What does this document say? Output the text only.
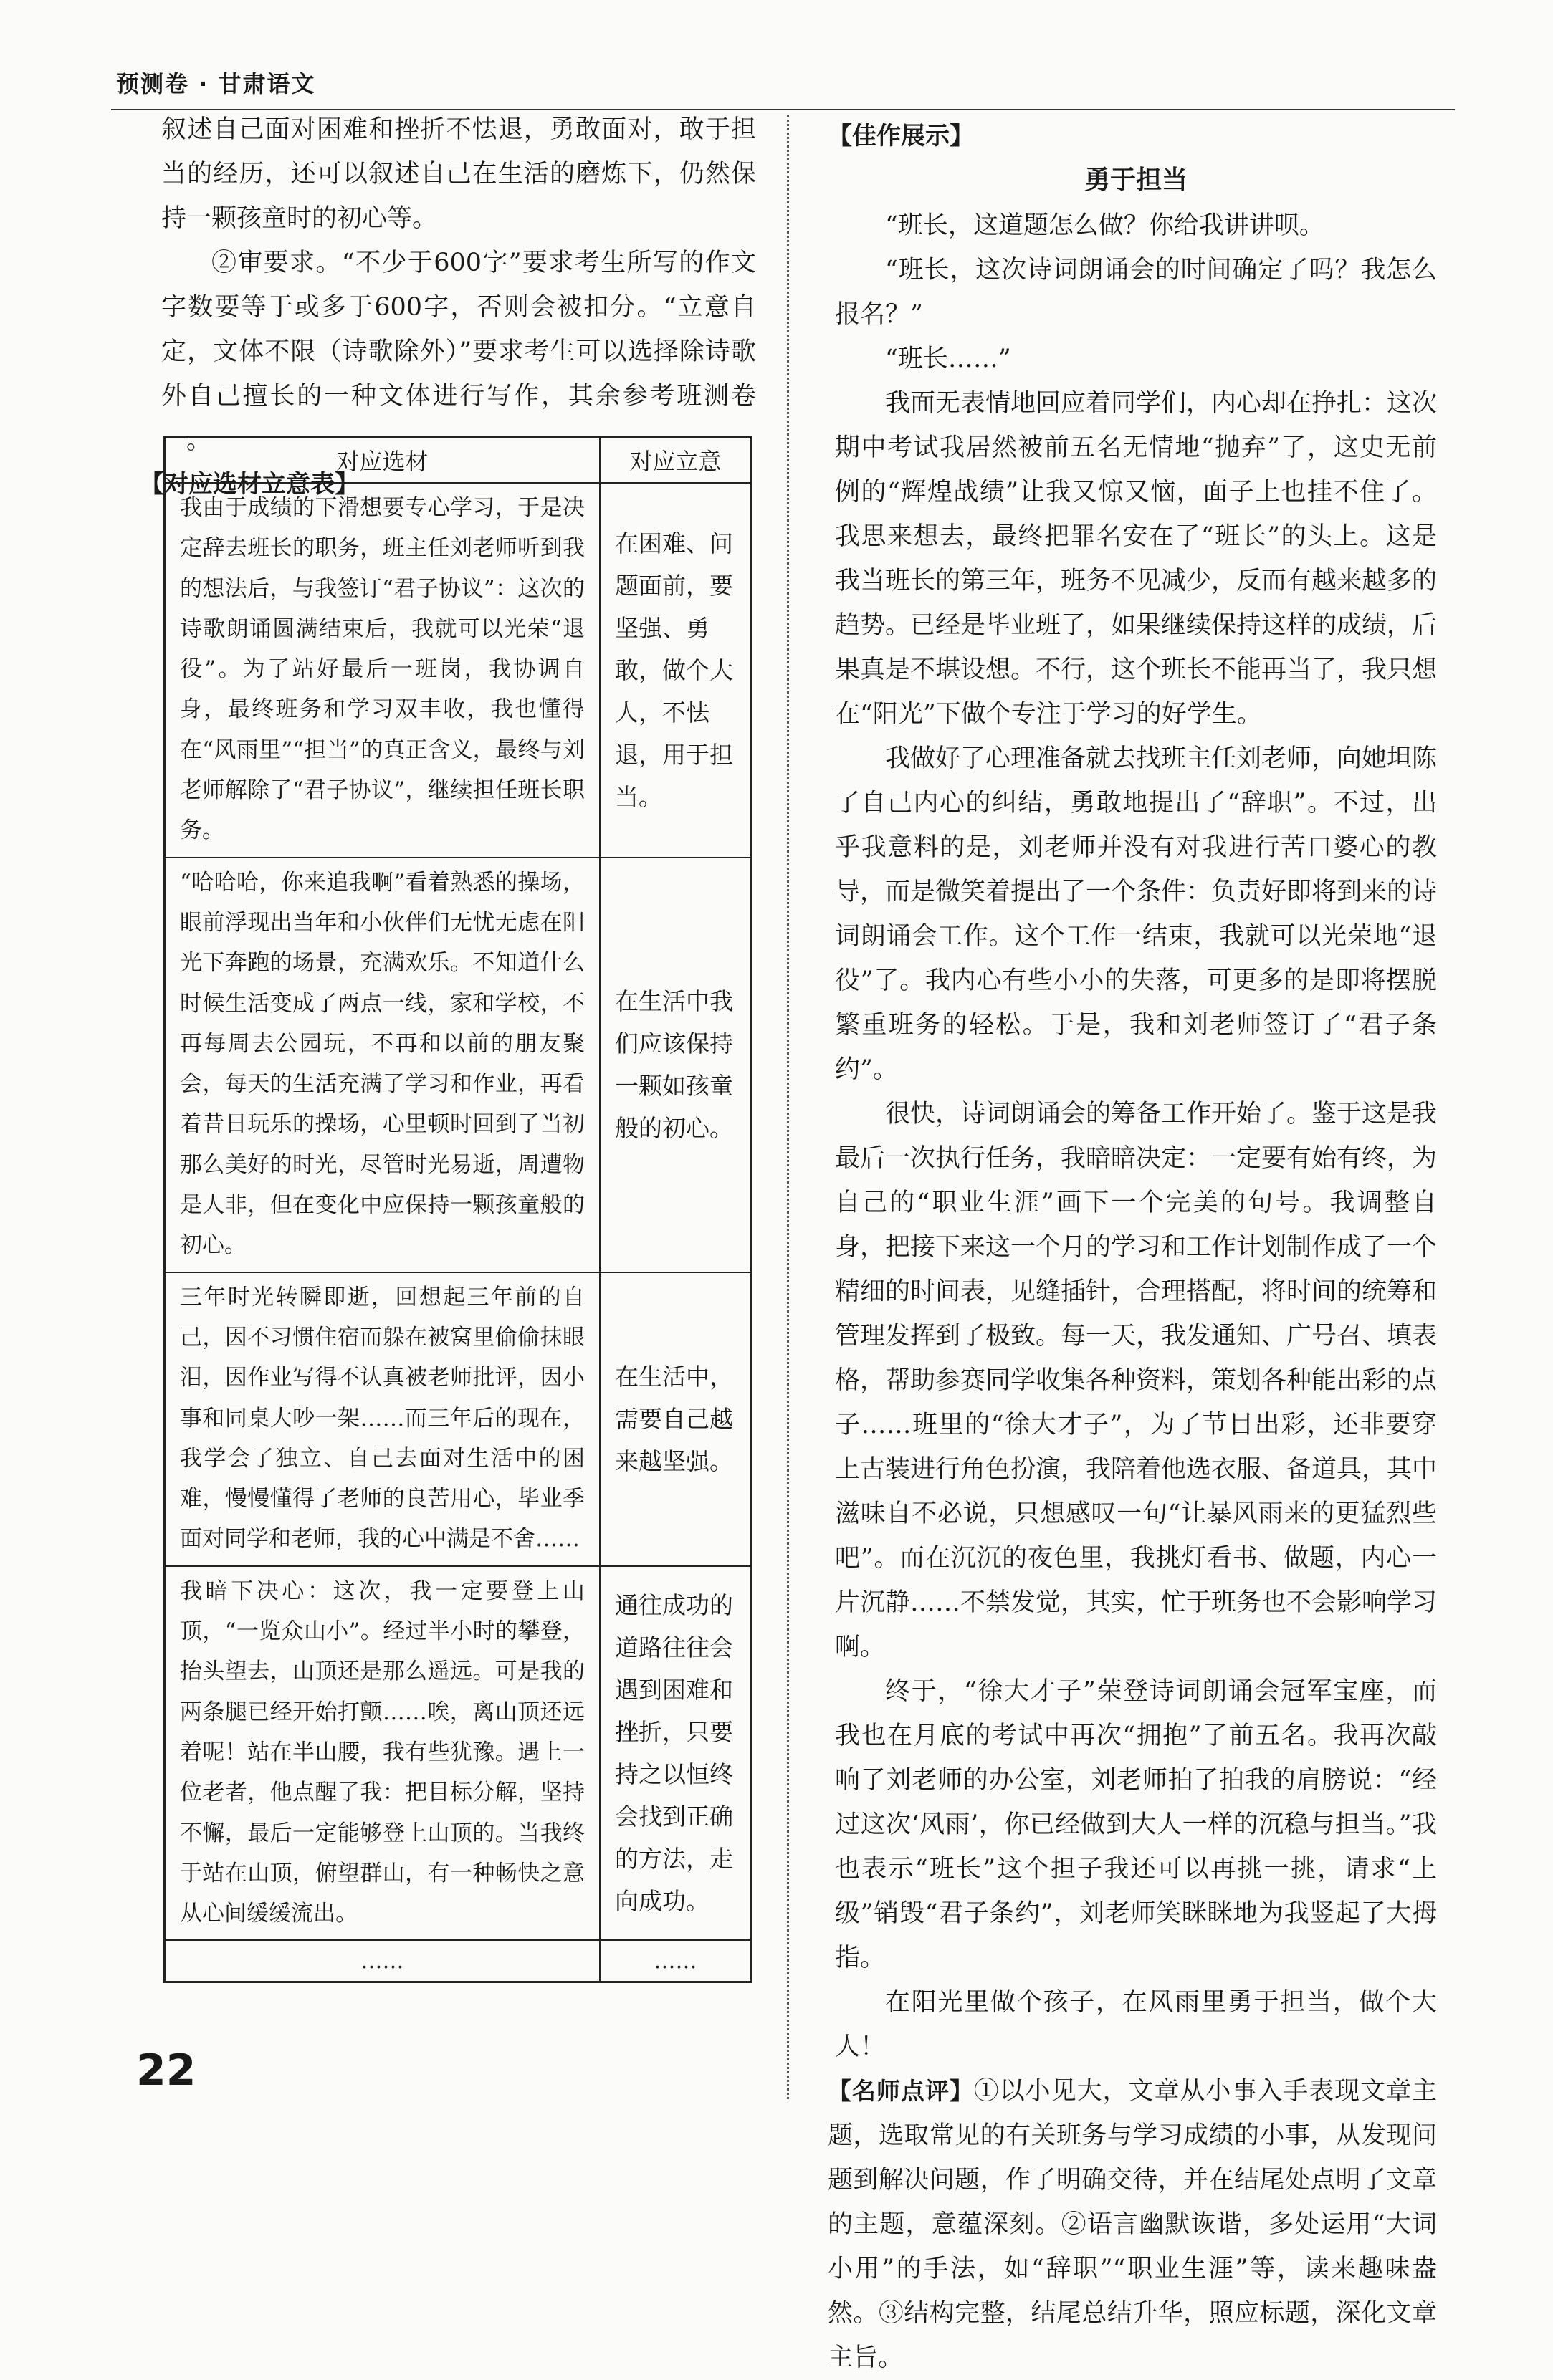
预测卷 · 甘肃语文

叙述自己面对困难和挫折不怯退，勇敢面对，敢于担当的经历，还可以叙述自己在生活的磨炼下，仍然保持一颗孩童时的初心等。

②审要求。“不少于600字”要求考生所写的作文字数要等于或多于600字，否则会被扣分。“立意自定，文体不限（诗歌除外）”要求考生可以选择除诗歌外自己擅长的一种文体进行写作，其余参考班测卷一。

【对应选材立意表】

对应选材	对应立意
我由于成绩的下滑想要专心学习，于是决定辞去班长的职务，班主任刘老师听到我的想法后，与我签订“君子协议”：这次的诗歌朗诵圆满结束后，我就可以光荣“退役”。为了站好最后一班岗，我协调自身，最终班务和学习双丰收，我也懂得在“风雨里”“担当”的真正含义，最终与刘老师解除了“君子协议”，继续担任班长职务。	在困难、问题面前，要坚强、勇敢，做个大人，不怯退，用于担当。
“哈哈哈，你来追我啊”看着熟悉的操场，眼前浮现出当年和小伙伴们无忧无虑在阳光下奔跑的场景，充满欢乐。不知道什么时候生活变成了两点一线，家和学校，不再每周去公园玩，不再和以前的朋友聚会，每天的生活充满了学习和作业，再看着昔日玩乐的操场，心里顿时回到了当初那么美好的时光，尽管时光易逝，周遭物是人非，但在变化中应保持一颗孩童般的初心。	在生活中我们应该保持一颗如孩童般的初心。
三年时光转瞬即逝，回想起三年前的自己，因不习惯住宿而躲在被窝里偷偷抹眼泪，因作业写得不认真被老师批评，因小事和同桌大吵一架……而三年后的现在，我学会了独立、自己去面对生活中的困难，慢慢懂得了老师的良苦用心，毕业季面对同学和老师，我的心中满是不舍……	在生活中，需要自己越来越坚强。
我暗下决心：这次，我一定要登上山顶，“一览众山小”。经过半小时的攀登，抬头望去，山顶还是那么遥远。可是我的两条腿已经开始打颤……唉，离山顶还远着呢！站在半山腰，我有些犹豫。遇上一位老者，他点醒了我：把目标分解，坚持不懈，最后一定能够登上山顶的。当我终于站在山顶，俯望群山，有一种畅快之意从心间缓缓流出。	通往成功的道路往往会遇到困难和挫折，只要持之以恒终会找到正确的方法，走向成功。
……	……

【佳作展示】

勇于担当

“班长，这道题怎么做？你给我讲讲呗。

“班长，这次诗词朗诵会的时间确定了吗？我怎么报名？”

“班长……”

我面无表情地回应着同学们，内心却在挣扎：这次期中考试我居然被前五名无情地“抛弃”了，这史无前例的“辉煌战绩”让我又惊又恼，面子上也挂不住了。我思来想去，最终把罪名安在了“班长”的头上。这是我当班长的第三年，班务不见减少，反而有越来越多的趋势。已经是毕业班了，如果继续保持这样的成绩，后果真是不堪设想。不行，这个班长不能再当了，我只想在“阳光”下做个专注于学习的好学生。

我做好了心理准备就去找班主任刘老师，向她坦陈了自己内心的纠结，勇敢地提出了“辞职”。不过，出乎我意料的是，刘老师并没有对我进行苦口婆心的教导，而是微笑着提出了一个条件：负责好即将到来的诗词朗诵会工作。这个工作一结束，我就可以光荣地“退役”了。我内心有些小小的失落，可更多的是即将摆脱繁重班务的轻松。于是，我和刘老师签订了“君子条约”。

很快，诗词朗诵会的筹备工作开始了。鉴于这是我最后一次执行任务，我暗暗决定：一定要有始有终，为自己的“职业生涯”画下一个完美的句号。我调整自身，把接下来这一个月的学习和工作计划制作成了一个精细的时间表，见缝插针，合理搭配，将时间的统筹和管理发挥到了极致。每一天，我发通知、广号召、填表格，帮助参赛同学收集各种资料，策划各种能出彩的点子……班里的“徐大才子”，为了节目出彩，还非要穿上古装进行角色扮演，我陪着他选衣服、备道具，其中滋味自不必说，只想感叹一句“让暴风雨来的更猛烈些吧”。而在沉沉的夜色里，我挑灯看书、做题，内心一片沉静……不禁发觉，其实，忙于班务也不会影响学习啊。

终于，“徐大才子”荣登诗词朗诵会冠军宝座，而我也在月底的考试中再次“拥抱”了前五名。我再次敲响了刘老师的办公室，刘老师拍了拍我的肩膀说：“经过这次‘风雨’，你已经做到大人一样的沉稳与担当。”我也表示“班长”这个担子我还可以再挑一挑，请求“上级”销毁“君子条约”，刘老师笑眯眯地为我竖起了大拇指。

在阳光里做个孩子，在风雨里勇于担当，做个大人！

【名师点评】①以小见大，文章从小事入手表现文章主题，选取常见的有关班务与学习成绩的小事，从发现问题到解决问题，作了明确交待，并在结尾处点明了文章的主题，意蕴深刻。②语言幽默诙谐，多处运用“大词小用”的手法，如“辞职”“职业生涯”等，读来趣味盎然。③结构完整，结尾总结升华，照应标题，深化文章主旨。

22
